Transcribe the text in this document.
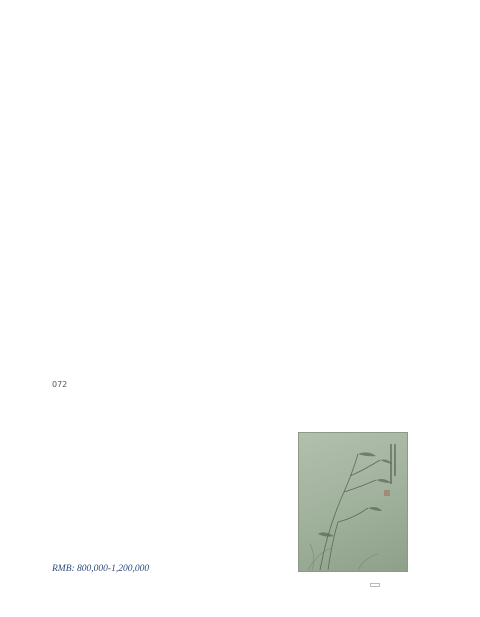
072
RMB: 800,000-1,200,000
